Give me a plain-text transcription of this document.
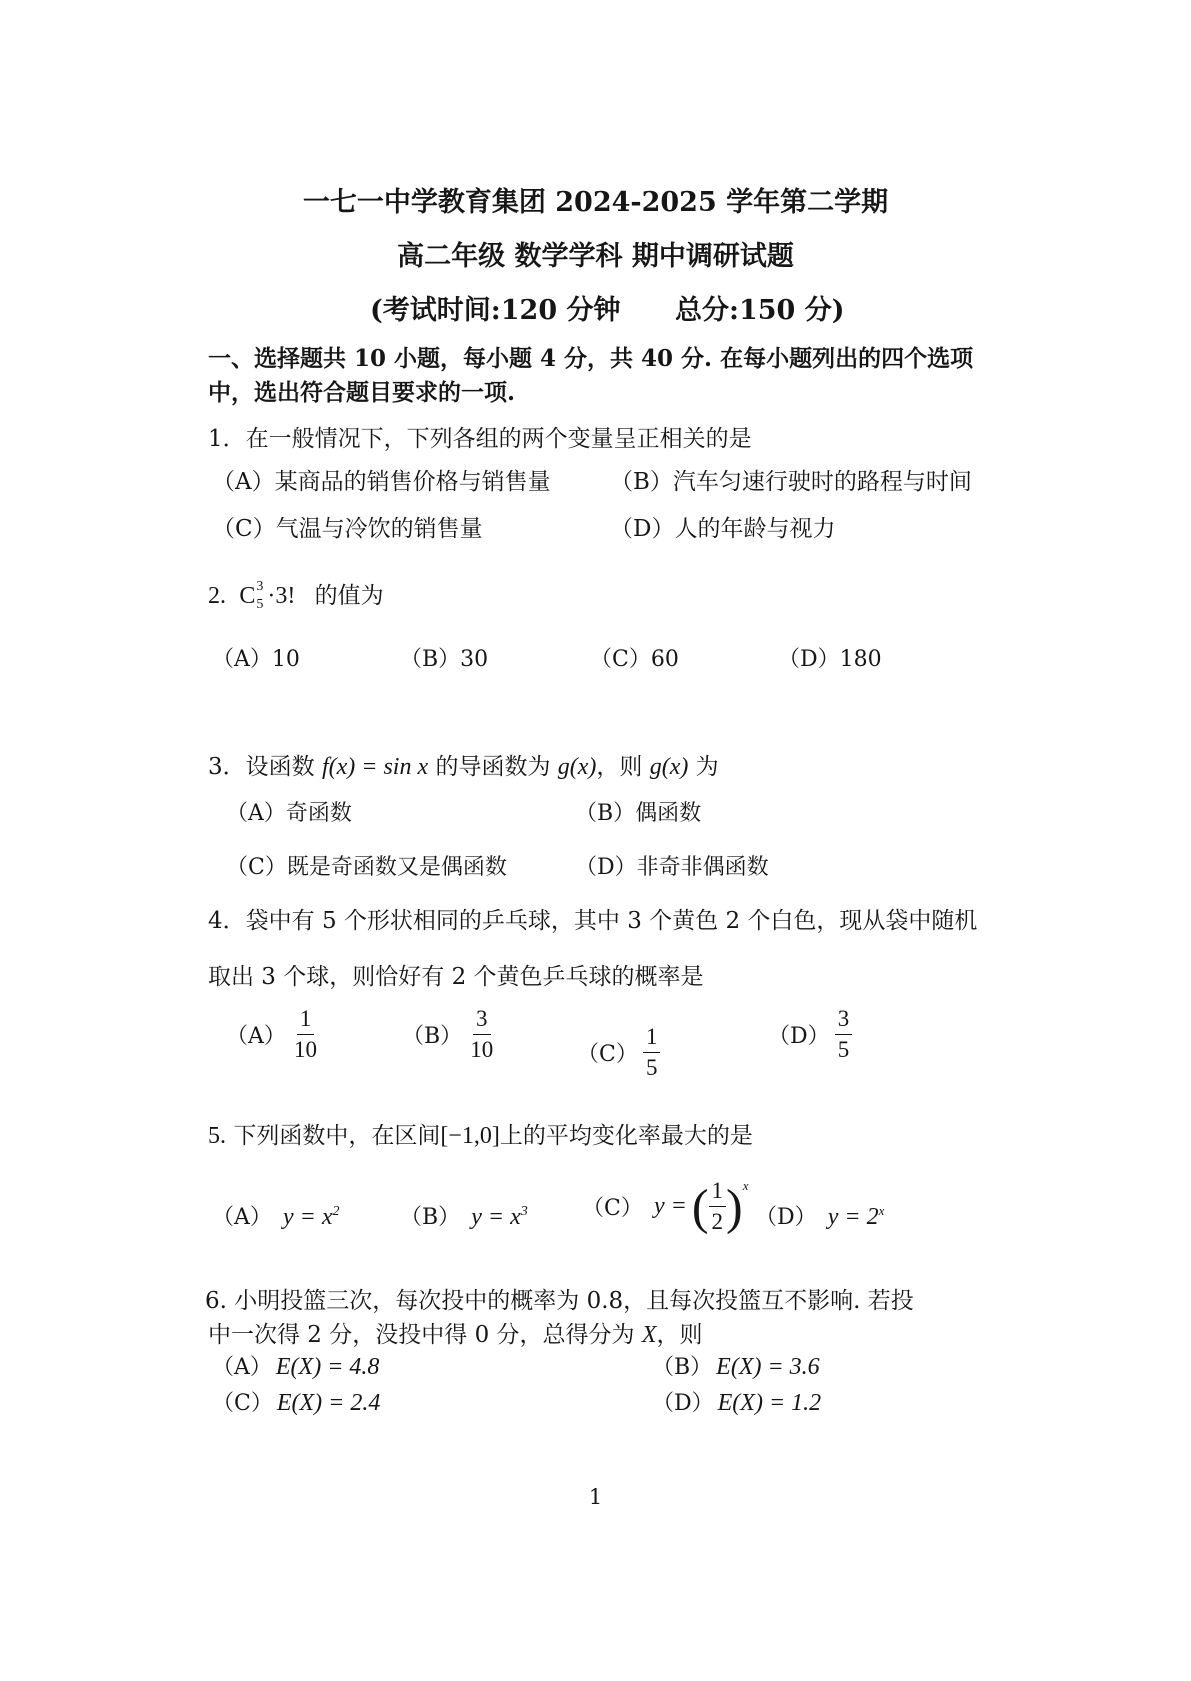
一七一中学教育集团 2024-2025 学年第二学期
高二年级 数学学科 期中调研试题
(考试时间:120 分钟 总分:150 分)
一、选择题共 10 小题，每小题 4 分，共 40 分. 在每小题列出的四个选项
中，选出符合题目要求的一项.
1．在一般情况下，下列各组的两个变量呈正相关的是
（A）某商品的销售价格与销售量	（B）汽车匀速行驶时的路程与时间
（C）气温与冷饮的销售量	（D）人的年龄与视力
2. C 3
5 ·3! 的值为
（A）10	（B）30	（C）60	（D）180
3．设函数 f(x) = sin x 的导函数为 g(x)，则 g(x) 为
（A）奇函数	（B）偶函数
（C）既是奇函数又是偶函数	（D）非奇非偶函数
4．袋中有 5 个形状相同的乒乓球，其中 3 个黄色 2 个白色，现从袋中随机
取出 3 个球，则恰好有 2 个黄色乒乓球的概率是
$(A) \frac{1}{10}$	$(B) \frac{3}{10}$	$(C) \frac{1}{5}$	$(D) \frac{3}{5}$
5. 下列函数中，在区间[−1,0]上的平均变化率最大的是
（A） $y = x^2$	（B） $y = x^3$ （C） y = ( $\frac{1}{2} )^x$
（D） $y = 2^x$
6. 小明投篮三次，每次投中的概率为 0.8，且每次投篮互不影响. 若投
中一次得 2 分，没投中得 0 分，总得分为 X，则
（A） E(X) = 4.8	（B） E(X) = 3.6
（C） E(X) = 2.4	（D） E(X) = 1.2
1
